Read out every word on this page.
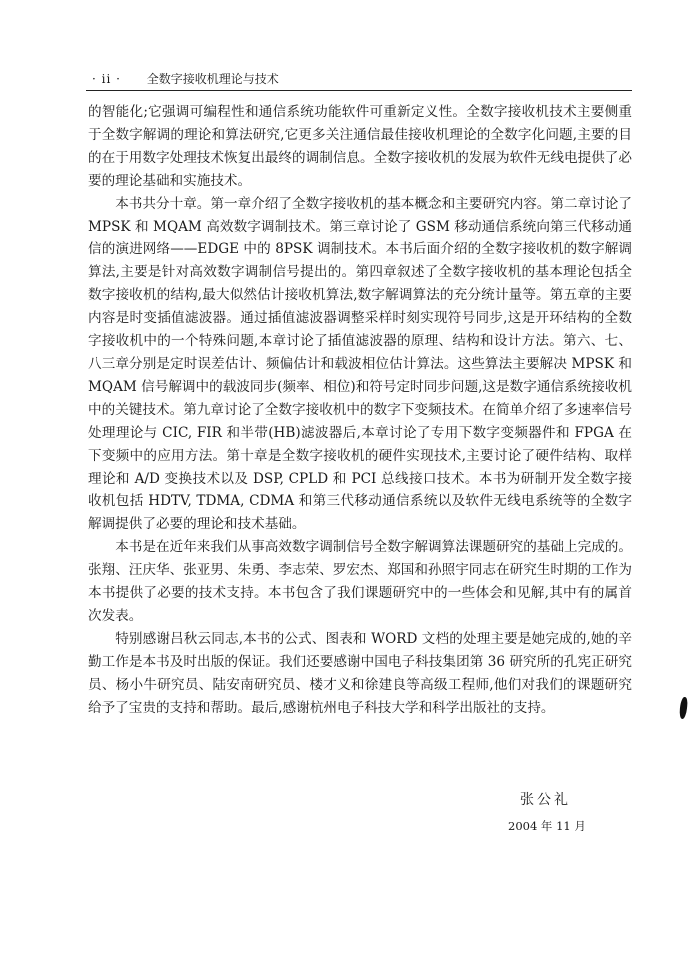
· ii · 全数字接收机理论与技术

的智能化;它强调可编程性和通信系统功能软件可重新定义性。全数字接收机技术主要侧重于全数字解调的理论和算法研究,它更多关注通信最佳接收机理论的全数字化问题,主要的目的在于用数字处理技术恢复出最终的调制信息。全数字接收机的发展为软件无线电提供了必要的理论基础和实施技术。

本书共分十章。第一章介绍了全数字接收机的基本概念和主要研究内容。第二章讨论了 MPSK 和 MQAM 高效数字调制技术。第三章讨论了 GSM 移动通信系统向第三代移动通信的演进网络——EDGE 中的 8PSK 调制技术。本书后面介绍的全数字接收机的数字解调算法,主要是针对高效数字调制信号提出的。第四章叙述了全数字接收机的基本理论包括全数字接收机的结构,最大似然估计接收机算法,数字解调算法的充分统计量等。第五章的主要内容是时变插值滤波器。通过插值滤波器调整采样时刻实现符号同步,这是开环结构的全数字接收机中的一个特殊问题,本章讨论了插值滤波器的原理、结构和设计方法。第六、七、八三章分别是定时误差估计、频偏估计和载波相位估计算法。这些算法主要解决 MPSK 和 MQAM 信号解调中的载波同步(频率、相位)和符号定时同步问题,这是数字通信系统接收机中的关键技术。第九章讨论了全数字接收机中的数字下变频技术。在简单介绍了多速率信号处理理论与 CIC, FIR 和半带(HB)滤波器后,本章讨论了专用下数字变频器件和 FPGA 在下变频中的应用方法。第十章是全数字接收机的硬件实现技术,主要讨论了硬件结构、取样理论和 A/D 变换技术以及 DSP, CPLD 和 PCI 总线接口技术。本书为研制开发全数字接收机包括 HDTV, TDMA, CDMA 和第三代移动通信系统以及软件无线电系统等的全数字解调提供了必要的理论和技术基础。

本书是在近年来我们从事高效数字调制信号全数字解调算法课题研究的基础上完成的。张翔、汪庆华、张亚男、朱勇、李志荣、罗宏杰、郑国和孙照宇同志在研究生时期的工作为本书提供了必要的技术支持。本书包含了我们课题研究中的一些体会和见解,其中有的属首次发表。

特别感谢吕秋云同志,本书的公式、图表和 WORD 文档的处理主要是她完成的,她的辛勤工作是本书及时出版的保证。我们还要感谢中国电子科技集团第 36 研究所的孔宪正研究员、杨小牛研究员、陆安南研究员、楼才义和徐建良等高级工程师,他们对我们的课题研究给予了宝贵的支持和帮助。最后,感谢杭州电子科技大学和科学出版社的支持。

张公礼
2004 年 11 月
